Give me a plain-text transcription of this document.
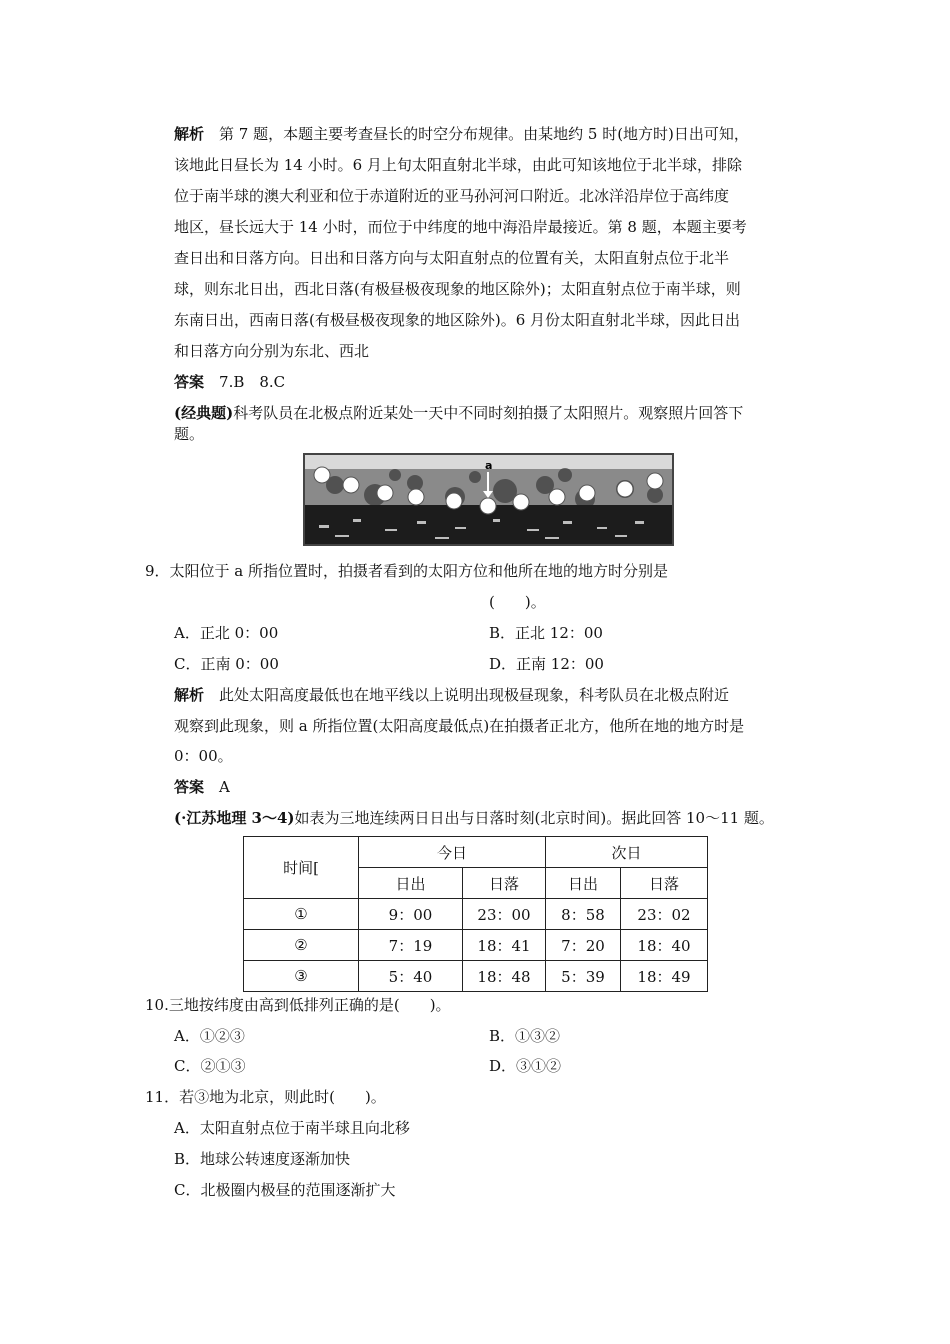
解析　 第 7 题，本题主要考查昼长的时空分布规律。由某地约 5 时(地方时)日出可知，
该地此日昼长为 14 小时。6 月上旬太阳直射北半球，由此可知该地位于北半球，排除
位于南半球的澳大利亚和位于赤道附近的亚马孙河河口附近。北冰洋沿岸位于高纬度
地区，昼长远大于 14 小时，而位于中纬度的地中海沿岸最接近。第 8 题，本题主要考
查日出和日落方向。日出和日落方向与太阳直射点的位置有关，太阳直射点位于北半
球，则东北日出，西北日落(有极昼极夜现象的地区除外)；太阳直射点位于南半球，则
东南日出，西南日落(有极昼极夜现象的地区除外)。6 月份太阳直射北半球，因此日出
和日落方向分别为东北、西北
答案　 7.B　8.C
(经典题)科考队员在北极点附近某处一天中不同时刻拍摄了太阳照片。观察照片回答下
题。
a
9．太阳位于 a 所指位置时，拍摄者看到的太阳方位和他所在地的地方时分别是
(　　)。
A．正北 0：00	B．正北 12：00
C．正南 0：00	D．正南 12：00
解析　 此处太阳高度最低也在地平线以上说明出现极昼现象，科考队员在北极点附近
观察到此现象，则 a 所指位置(太阳高度最低点)在拍摄者正北方，他所在地的地方时是
0：00。
答案　 A
(·江苏地理 3～4)如表为三地连续两日日出与日落时刻(北京时间)。据此回答 10～11 题。
时间[	今日		次日	
	日出	日落	日出	日落
①	9：00	23：00	8：58	23：02
②	7：19	18：41	7：20	18：40
③	5：40	18：48	5：39	18：49
10.三地按纬度由高到低排列正确的是(　　)。
A．①②③	B．①③②
C．②①③	D．③①②
11．若③地为北京，则此时(　　)。
A．太阳直射点位于南半球且向北移
B．地球公转速度逐渐加快
C．北极圈内极昼的范围逐渐扩大
